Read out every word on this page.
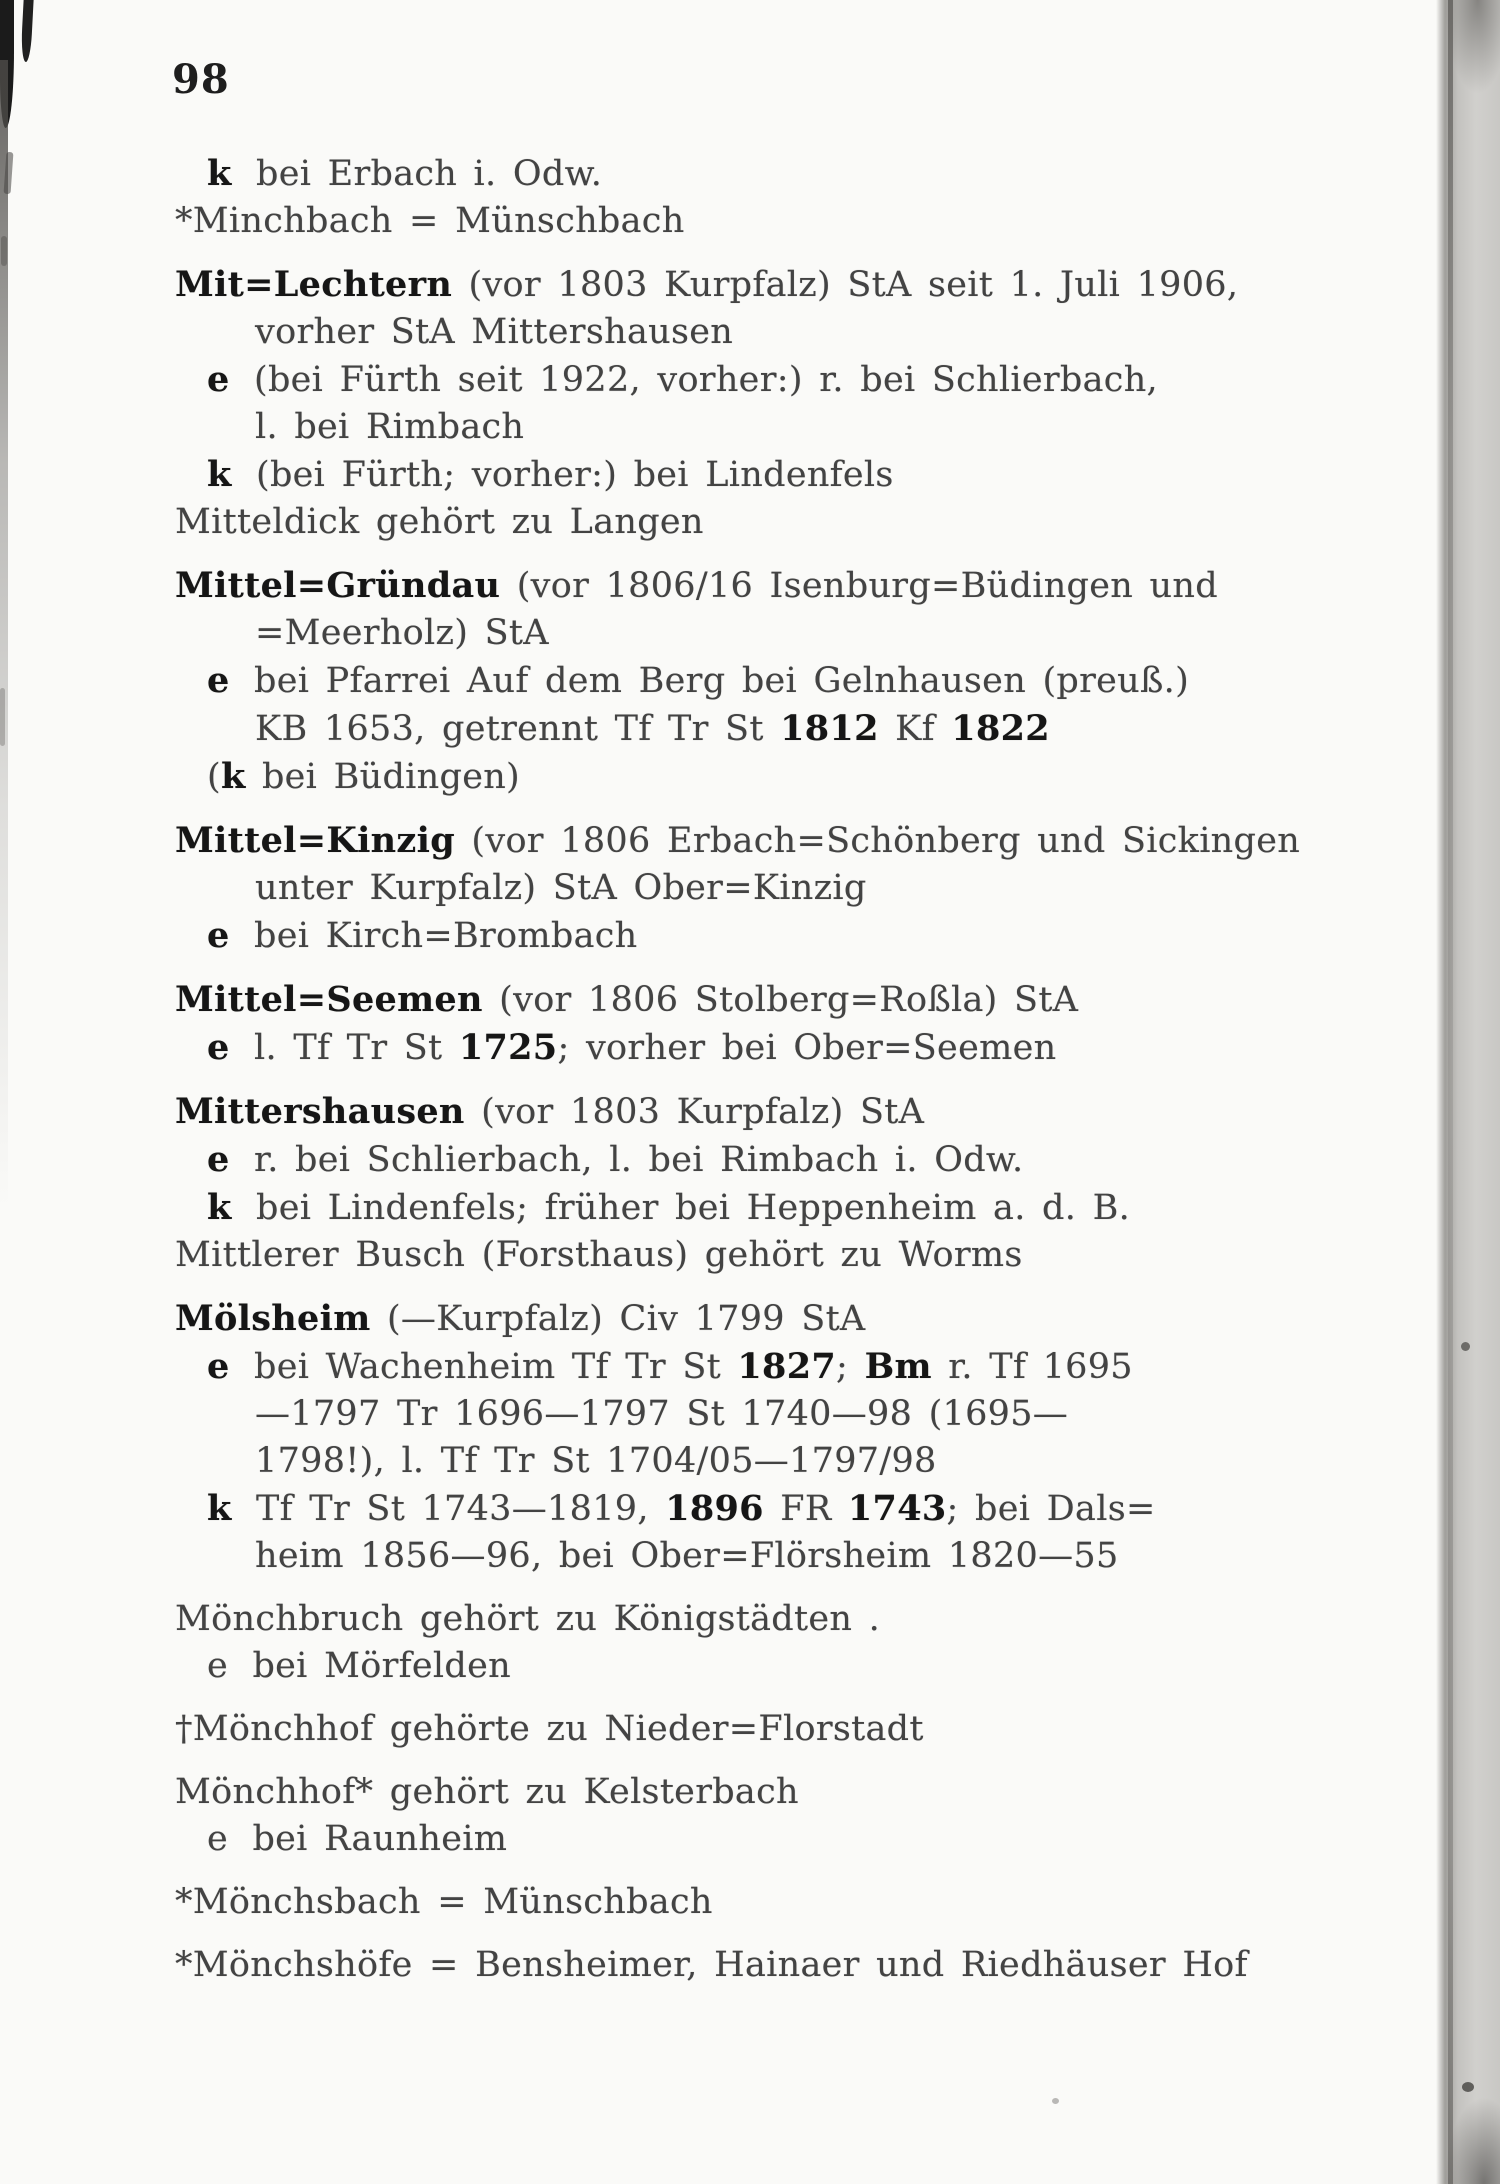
98
k bei Erbach i. Odw.
*Minchbach = Münschbach
Mit=Lechtern (vor 1803 Kurpfalz) StA seit 1. Juli 1906,
vorher StA Mittershausen
e (bei Fürth seit 1922, vorher:) r. bei Schlierbach,
l. bei Rimbach
k (bei Fürth; vorher:) bei Lindenfels
Mitteldick gehört zu Langen
Mittel=Gründau (vor 1806/16 Isenburg=Büdingen und
=Meerholz) StA
e bei Pfarrei Auf dem Berg bei Gelnhausen (preuß.)
KB 1653, getrennt Tf Tr St 1812 Kf 1822
(k bei Büdingen)
Mittel=Kinzig (vor 1806 Erbach=Schönberg und Sickingen
unter Kurpfalz) StA Ober=Kinzig
e bei Kirch=Brombach
Mittel=Seemen (vor 1806 Stolberg=Roßla) StA
e l. Tf Tr St 1725; vorher bei Ober=Seemen
Mittershausen (vor 1803 Kurpfalz) StA
e r. bei Schlierbach, l. bei Rimbach i. Odw.
k bei Lindenfels; früher bei Heppenheim a. d. B.
Mittlerer Busch (Forsthaus) gehört zu Worms
Mölsheim (—Kurpfalz) Civ 1799 StA
e bei Wachenheim Tf Tr St 1827; Bm r. Tf 1695
—1797 Tr 1696—1797 St 1740—98 (1695—
1798!), l. Tf Tr St 1704/05—1797/98
k Tf Tr St 1743—1819, 1896 FR 1743; bei Dals=
heim 1856—96, bei Ober=Flörsheim 1820—55
Mönchbruch gehört zu Königstädten .
e bei Mörfelden
†Mönchhof gehörte zu Nieder=Florstadt
Mönchhof* gehört zu Kelsterbach
e bei Raunheim
*Mönchsbach = Münschbach
*Mönchshöfe = Bensheimer, Hainaer und Riedhäuser Hof
